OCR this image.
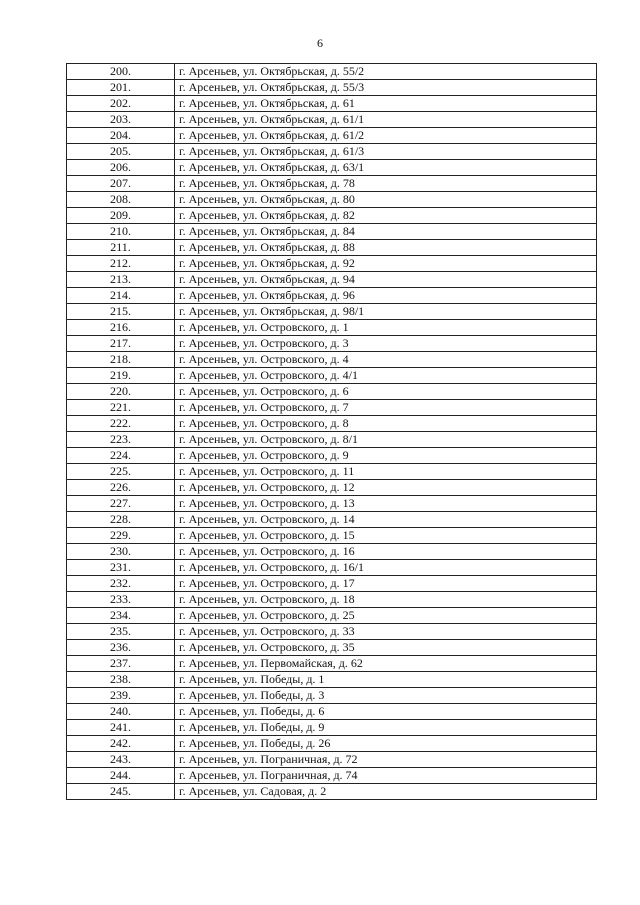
6
200.	г. Арсеньев, ул. Октябрьская, д. 55/2
201.	г. Арсеньев, ул. Октябрьская, д. 55/3
202.	г. Арсеньев, ул. Октябрьская, д. 61
203.	г. Арсеньев, ул. Октябрьская, д. 61/1
204.	г. Арсеньев, ул. Октябрьская, д. 61/2
205.	г. Арсеньев, ул. Октябрьская, д. 61/3
206.	г. Арсеньев, ул. Октябрьская, д. 63/1
207.	г. Арсеньев, ул. Октябрьская, д. 78
208.	г. Арсеньев, ул. Октябрьская, д. 80
209.	г. Арсеньев, ул. Октябрьская, д. 82
210.	г. Арсеньев, ул. Октябрьская, д. 84
211.	г. Арсеньев, ул. Октябрьская, д. 88
212.	г. Арсеньев, ул. Октябрьская, д. 92
213.	г. Арсеньев, ул. Октябрьская, д. 94
214.	г. Арсеньев, ул. Октябрьская, д. 96
215.	г. Арсеньев, ул. Октябрьская, д. 98/1
216.	г. Арсеньев, ул. Островского, д. 1
217.	г. Арсеньев, ул. Островского, д. 3
218.	г. Арсеньев, ул. Островского, д. 4
219.	г. Арсеньев, ул. Островского, д. 4/1
220.	г. Арсеньев, ул. Островского, д. 6
221.	г. Арсеньев, ул. Островского, д. 7
222.	г. Арсеньев, ул. Островского, д. 8
223.	г. Арсеньев, ул. Островского, д. 8/1
224.	г. Арсеньев, ул. Островского, д. 9
225.	г. Арсеньев, ул. Островского, д. 11
226.	г. Арсеньев, ул. Островского, д. 12
227.	г. Арсеньев, ул. Островского, д. 13
228.	г. Арсеньев, ул. Островского, д. 14
229.	г. Арсеньев, ул. Островского, д. 15
230.	г. Арсеньев, ул. Островского, д. 16
231.	г. Арсеньев, ул. Островского, д. 16/1
232.	г. Арсеньев, ул. Островского, д. 17
233.	г. Арсеньев, ул. Островского, д. 18
234.	г. Арсеньев, ул. Островского, д. 25
235.	г. Арсеньев, ул. Островского, д. 33
236.	г. Арсеньев, ул. Островского, д. 35
237.	г. Арсеньев, ул. Первомайская, д. 62
238.	г. Арсеньев, ул. Победы, д. 1
239.	г. Арсеньев, ул. Победы, д. 3
240.	г. Арсеньев, ул. Победы, д. 6
241.	г. Арсеньев, ул. Победы, д. 9
242.	г. Арсеньев, ул. Победы, д. 26
243.	г. Арсеньев, ул. Пограничная, д. 72
244.	г. Арсеньев, ул. Пограничная, д. 74
245.	г. Арсеньев, ул. Садовая, д. 2
